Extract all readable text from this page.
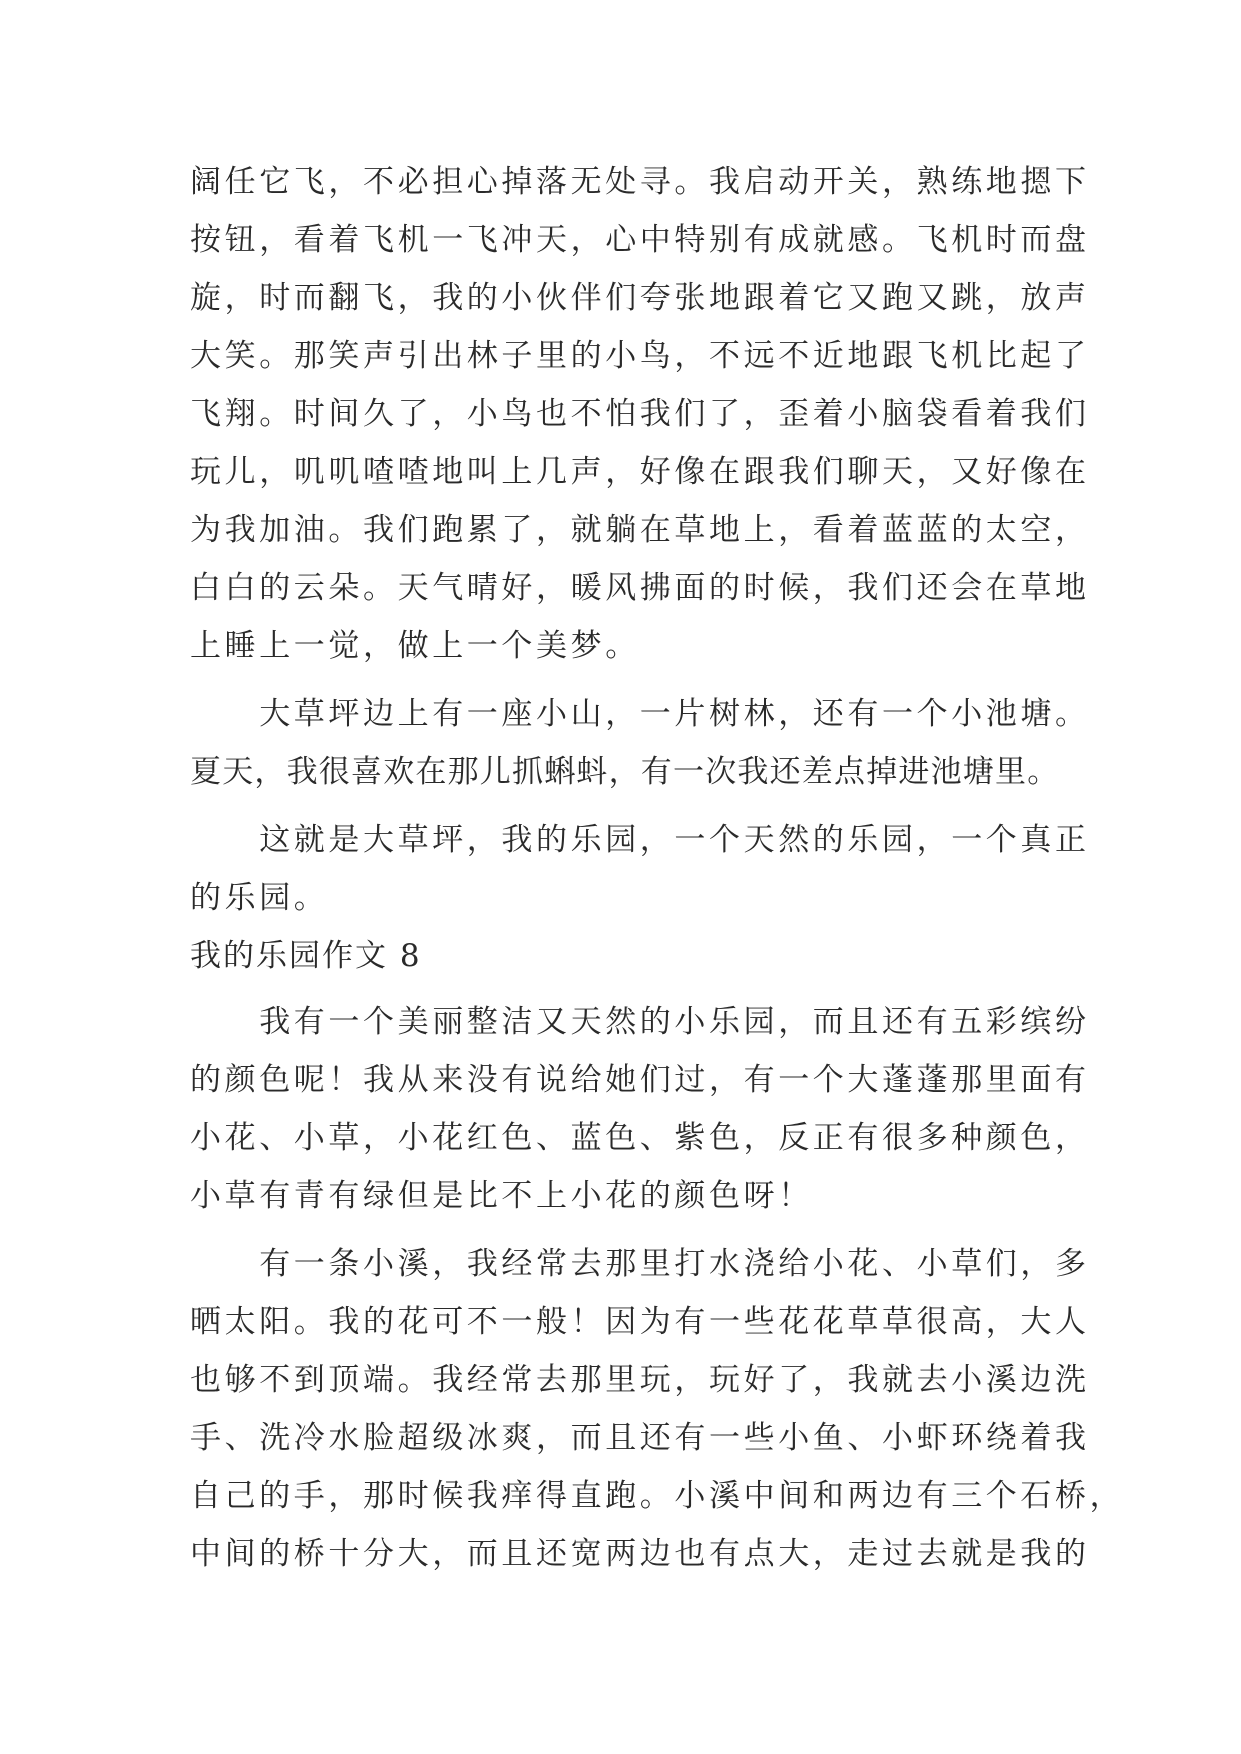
阔任它飞，不必担心掉落无处寻。我启动开关，熟练地摁下
按钮，看着飞机一飞冲天，心中特别有成就感。飞机时而盘
旋，时而翻飞，我的小伙伴们夸张地跟着它又跑又跳，放声
大笑。那笑声引出林子里的小鸟，不远不近地跟飞机比起了
飞翔。时间久了，小鸟也不怕我们了，歪着小脑袋看着我们
玩儿，叽叽喳喳地叫上几声，好像在跟我们聊天，又好像在
为我加油。我们跑累了，就躺在草地上，看着蓝蓝的太空，
白白的云朵。天气晴好，暖风拂面的时候，我们还会在草地
上睡上一觉，做上一个美梦。
　　大草坪边上有一座小山，一片树林，还有一个小池塘。
夏天，我很喜欢在那儿抓蝌蚪，有一次我还差点掉进池塘里。
　　这就是大草坪，我的乐园，一个天然的乐园，一个真正
的乐园。
我的乐园作文 8
　　我有一个美丽整洁又天然的小乐园，而且还有五彩缤纷
的颜色呢！我从来没有说给她们过，有一个大蓬蓬那里面有
小花、小草，小花红色、蓝色、紫色，反正有很多种颜色，
小草有青有绿但是比不上小花的颜色呀！
　　有一条小溪，我经常去那里打水浇给小花、小草们，多
晒太阳。我的花可不一般！因为有一些花花草草很高，大人
也够不到顶端。我经常去那里玩，玩好了，我就去小溪边洗
手、洗冷水脸超级冰爽，而且还有一些小鱼、小虾环绕着我
自己的手，那时候我痒得直跑。小溪中间和两边有三个石桥，
中间的桥十分大，而且还宽两边也有点大，走过去就是我的
